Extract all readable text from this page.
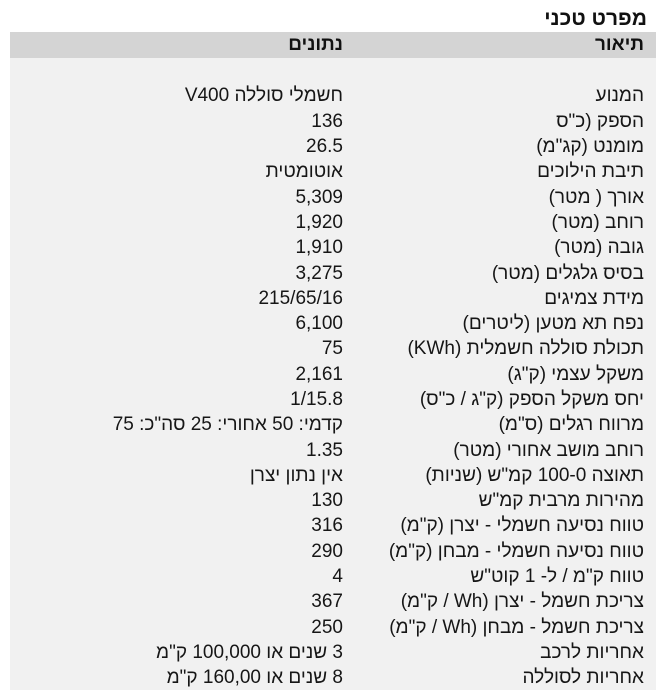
מפרט טכני
תיאור	נתונים

המנוע	חשמלי סוללה V400
הספק (כ"ס	136
מומנט (קג"מ)	26.5
תיבת הילוכים	אוטומטית
אורך ( מטר)	5,309
רוחב (מטר)	1,920
גובה (מטר)	1,910
בסיס גלגלים (מטר)	3,275
מידת צמיגים	215/65/16
נפח תא מטען (ליטרים)	6,100
תכולת סוללה חשמלית (KWh)	75
משקל עצמי (ק"ג)	2,161
יחס משקל הספק (ק"ג / כ"ס)	1/15.8
מרווח רגלים (ס"מ)	קדמי: 50 אחורי: 25 סה"כ: 75
רוחב מושב אחורי (מטר)	1.35
תאוצה 100-0 קמ"ש (שניות)	אין נתון יצרן
מהירות מרבית קמ"ש	130
טווח נסיעה חשמלי - יצרן (ק"מ)	316
טווח נסיעה חשמלי - מבחן (ק"מ)	290
טווח ק"מ / ל- 1 קוט"ש	4
צריכת חשמל - יצרן (Wh / ק"מ)	367
צריכת חשמל - מבחן (Wh / ק"מ)	250
אחריות לרכב	3 שנים או 100,000 ק"מ
אחריות לסוללה	8 שנים או 160,00 ק"מ
